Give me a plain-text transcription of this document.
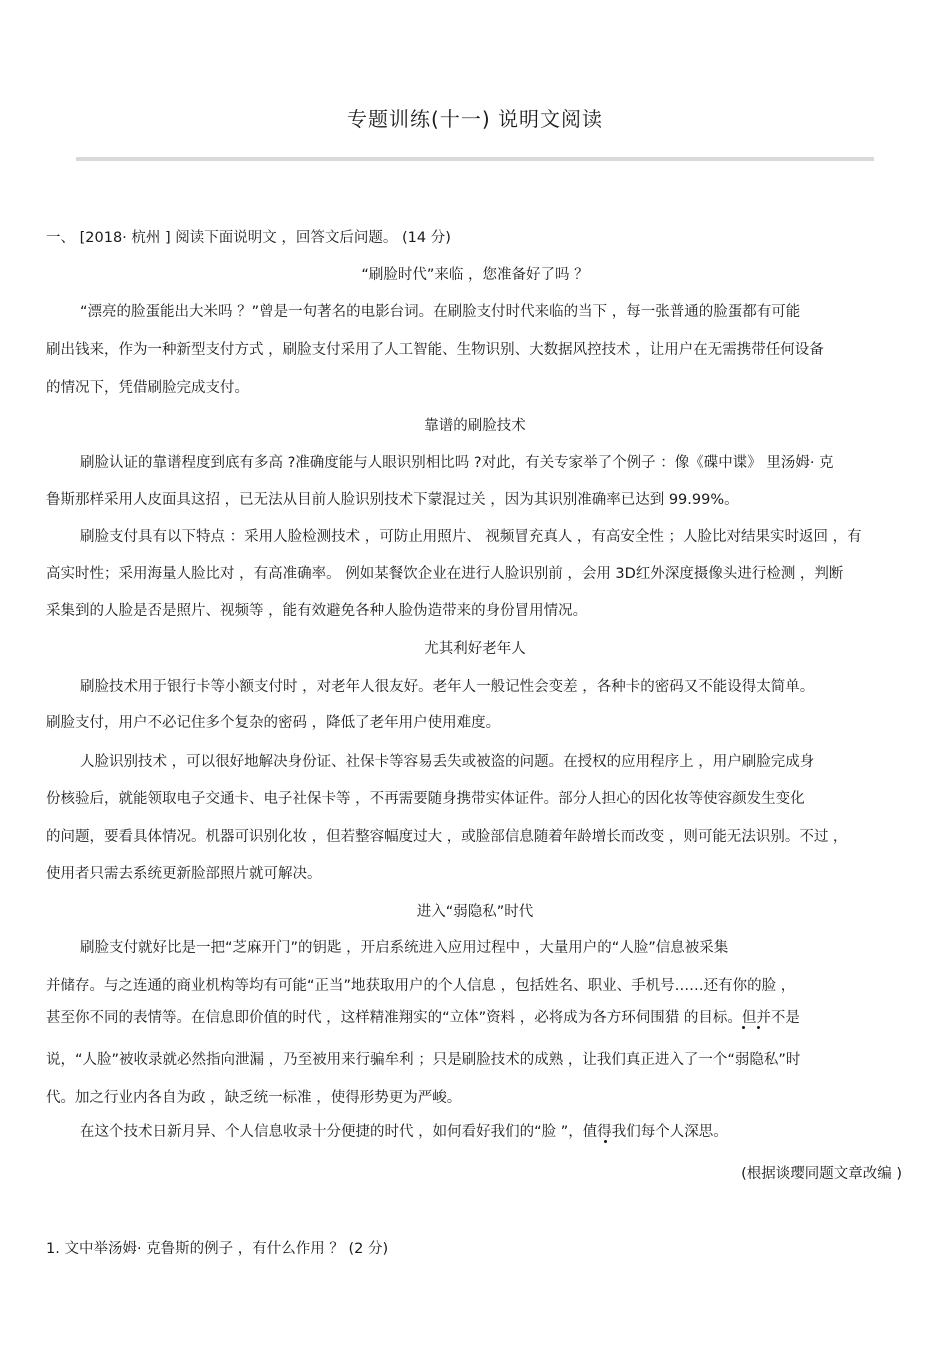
专题训练(十一) 说明文阅读
一、 [2018· 杭州 ] 阅读下面说明文 ，回答文后问题。 (14 分)
“刷脸时代”来临 ，您准备好了吗 ？
“漂亮的脸蛋能出大米吗 ？”曾是一句著名的电影台词。在刷脸支付时代来临的当下 ，每一张普通的脸蛋都有可能
刷出钱来，作为一种新型支付方式 ，刷脸支付采用了人工智能、生物识别、大数据风控技术 ，让用户在无需携带任何设备
的情况下，凭借刷脸完成支付。
靠谱的刷脸技术
刷脸认证的靠谱程度到底有多高 ?准确度能与人眼识别相比吗 ?对此，有关专家举了个例子 ：像《碟中谍》 里汤姆· 克
鲁斯那样采用人皮面具这招 ，已无法从目前人脸识别技术下蒙混过关 ，因为其识别准确率已达到 99.99%。
刷脸支付具有以下特点 ：采用人脸检测技术 ，可防止用照片、 视频冒充真人 ，有高安全性 ；人脸比对结果实时返回 ，有
高实时性；采用海量人脸比对 ，有高准确率。 例如某餐饮企业在进行人脸识别前 ，会用 3D红外深度摄像头进行检测 ，判断
采集到的人脸是否是照片、视频等 ，能有效避免各种人脸伪造带来的身份冒用情况。
尤其利好老年人
刷脸技术用于银行卡等小额支付时 ，对老年人很友好。老年人一般记性会变差 ，各种卡的密码又不能设得太简单。
刷脸支付，用户不必记住多个复杂的密码 ，降低了老年用户使用难度。
人脸识别技术 ，可以很好地解决身份证、社保卡等容易丢失或被盗的问题。在授权的应用程序上 ，用户刷脸完成身
份核验后，就能领取电子交通卡、电子社保卡等 ，不再需要随身携带实体证件。部分人担心的因化妆等使容颜发生变化
的问题，要看具体情况。机器可识别化妆 ，但若整容幅度过大 ，或脸部信息随着年龄增长而改变 ，则可能无法识别。不过 ，
使用者只需去系统更新脸部照片就可解决。
进入“弱隐私”时代
刷脸支付就好比是一把“芝麻开门”的钥匙 ，开启系统进入应用过程中 ，大量用户的“人脸”信息被采集
并储存。与之连通的商业机构等均有可能“正当”地获取用户的个人信息 ，包括姓名、职业、手机号……还有你的脸 ，
甚至你不同的表情等。在信息即价值的时代 ，这样精准翔实的“立体”资料 ，必将成为各方环伺围猎 的目标。但并不是
说，“人脸”被收录就必然指向泄漏 ，乃至被用来行骗牟利 ；只是刷脸技术的成熟 ，让我们真正进入了一个“弱隐私”时
代。加之行业内各自为政 ，缺乏统一标准 ，使得形势更为严峻。
在这个技术日新月异、个人信息收录十分便捷的时代 ，如何看好我们的“脸 ”，值得我们每个人深思。
(根据谈璎同题文章改编 )
1. 文中举汤姆· 克鲁斯的例子 ，有什么作用 ？ (2 分)
